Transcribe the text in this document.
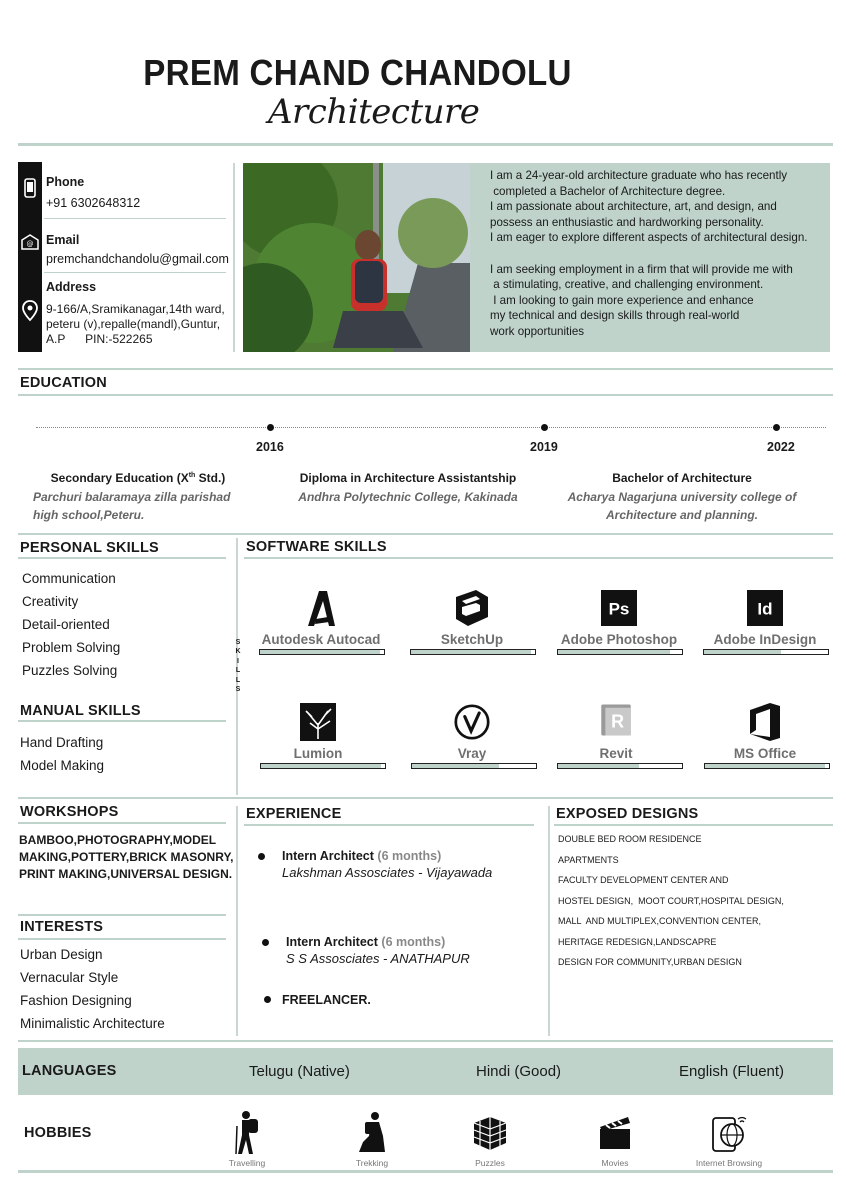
PREM CHAND CHANDOLU
Architecture
@
Phone
+91 6302648312
Email
premchandchandolu@gmail.com
Address
9-166/A,Sramikanagar,14th ward,
peteru (v),repalle(mandl),Guntur,
A.P      PIN:-522265
I am a 24-year-old architecture graduate who has recently
completed a Bachelor of Architecture degree.
I am passionate about architecture, art, and design, and
possess an enthusiastic and hardworking personality.
I am eager to explore different aspects of architectural design.
I am seeking employment in a firm that will provide me with
a stimulating, creative, and challenging environment.
I am looking to gain more experience and enhance
my technical and design skills through real-world
work opportunities
EDUCATION
2016	2019	2022
Secondary Education (Xth Std.)
Parchuri balaramaya zilla parishad
high school,Peteru.
Diploma in Architecture Assistantship
Andhra Polytechnic College, Kakinada
Bachelor of Architecture
Acharya Nagarjuna university college of
Architecture and planning.
PERSONAL SKILLS
Communication
Creativity
Detail-oriented
Problem Solving
Puzzles Solving
MANUAL SKILLS
Hand Drafting
Model Making
S
K
I
L
L
S
SOFTWARE SKILLS
Autodesk Autocad	SketchUp
Ps
Adobe Photoshop
Id
Adobe InDesign
Lumion	Vray
R
Revit	MS Office
WORKSHOPS
BAMBOO,PHOTOGRAPHY,MODEL
MAKING,POTTERY,BRICK MASONRY,
PRINT MAKING,UNIVERSAL DESIGN.
INTERESTS
Urban Design
Vernacular Style
Fashion Designing
Minimalistic Architecture
EXPERIENCE
Intern Architect (6 months)
Lakshman Assosciates - Vijayawada
Intern Architect (6 months)
S S Assosciates - ANATHAPUR
FREELANCER.
EXPOSED DESIGNS
DOUBLE BED ROOM RESIDENCE
APARTMENTS
FACULTY DEVELOPMENT CENTER AND
HOSTEL DESIGN,  MOOT COURT,HOSPITAL DESIGN,
MALL  AND MULTIPLEX,CONVENTION CENTER,
HERITAGE REDESIGN,LANDSCAPRE
DESIGN FOR COMMUNITY,URBAN DESIGN
LANGUAGES	Telugu (Native)	Hindi (Good)	English (Fluent)
HOBBIES
Travelling	Trekking	Puzzles	Movies	Internet Browsing
